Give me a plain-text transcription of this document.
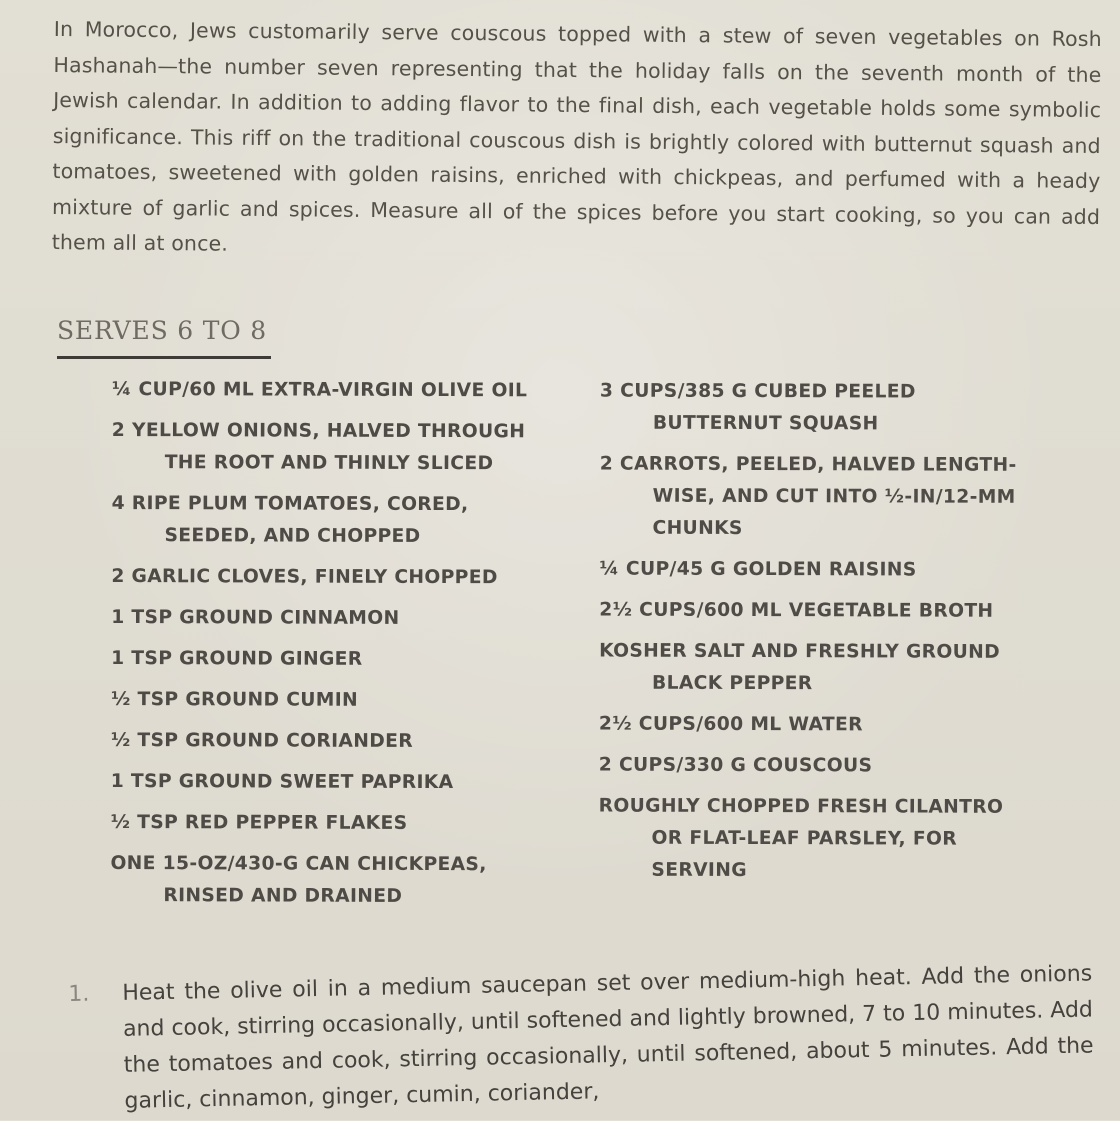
In Morocco, Jews customarily serve couscous topped with a stew of seven vegetables on Rosh Hashanah—the number seven representing that the holiday falls on the seventh month of the Jewish calendar. In addition to adding flavor to the final dish, each vegetable holds some symbolic significance. This riff on the traditional couscous dish is brightly colored with butternut squash and tomatoes, sweetened with golden raisins, enriched with chickpeas, and perfumed with a heady mixture of garlic and spices. Measure all of the spices before you start cooking, so you can add them all at once.

SERVES 6 TO 8
¼ CUP/60 ML EXTRA-VIRGIN OLIVE OIL
2 YELLOW ONIONS, HALVED THROUGH
THE ROOT AND THINLY SLICED
4 RIPE PLUM TOMATOES, CORED,
SEEDED, AND CHOPPED
2 GARLIC CLOVES, FINELY CHOPPED
1 TSP GROUND CINNAMON
1 TSP GROUND GINGER
½ TSP GROUND CUMIN
½ TSP GROUND CORIANDER
1 TSP GROUND SWEET PAPRIKA
½ TSP RED PEPPER FLAKES
ONE 15-OZ/430-G CAN CHICKPEAS,
RINSED AND DRAINED
3 CUPS/385 G CUBED PEELED
BUTTERNUT SQUASH
2 CARROTS, PEELED, HALVED LENGTH-
WISE, AND CUT INTO ½-IN/12-MM
CHUNKS
¼ CUP/45 G GOLDEN RAISINS
2½ CUPS/600 ML VEGETABLE BROTH
KOSHER SALT AND FRESHLY GROUND
BLACK PEPPER
2½ CUPS/600 ML WATER
2 CUPS/330 G COUSCOUS
ROUGHLY CHOPPED FRESH CILANTRO
OR FLAT-LEAF PARSLEY, FOR
SERVING
1. Heat the olive oil in a medium saucepan set over medium-high heat. Add the onions and cook, stirring occasionally, until softened and lightly browned, 7 to 10 minutes. Add the tomatoes and cook, stirring occasionally, until softened, about 5 minutes. Add the garlic, cinnamon, ginger, cumin, coriander,
